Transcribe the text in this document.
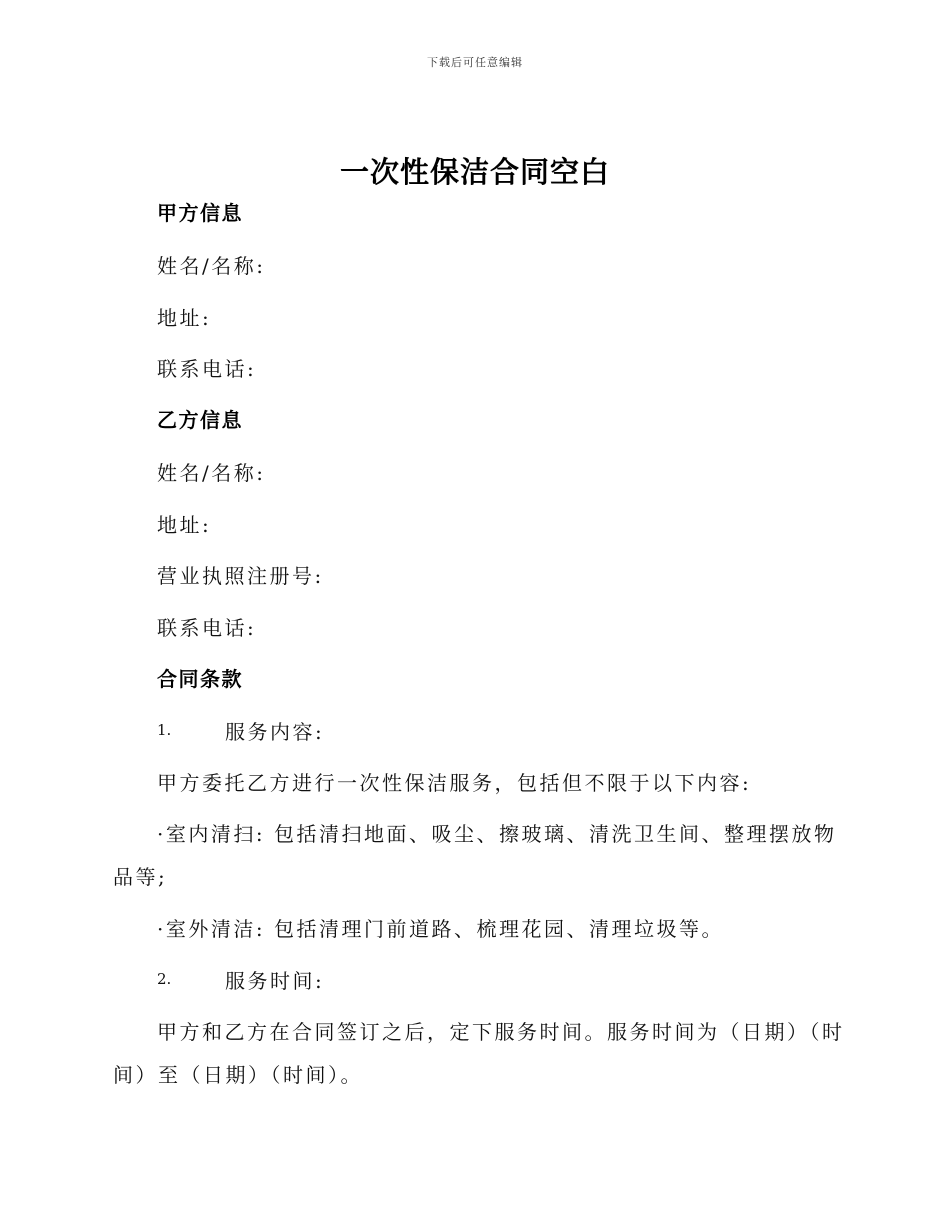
下载后可任意编辑
一次性保洁合同空白
甲方信息
姓名/名称:
地址:
联系电话:
乙方信息
姓名/名称:
地址:
营业执照注册号:
联系电话:
合同条款
1.	服务内容:
甲方委托乙方进行一次性保洁服务，包括但不限于以下内容:
·室内清扫: 包括清扫地面、吸尘、擦玻璃、清洗卫生间、整理摆放物
品等;
·室外清洁: 包括清理门前道路、梳理花园、清理垃圾等。
2.	服务时间:
甲方和乙方在合同签订之后，定下服务时间。服务时间为（日期）（时
间）至（日期）（时间）。
